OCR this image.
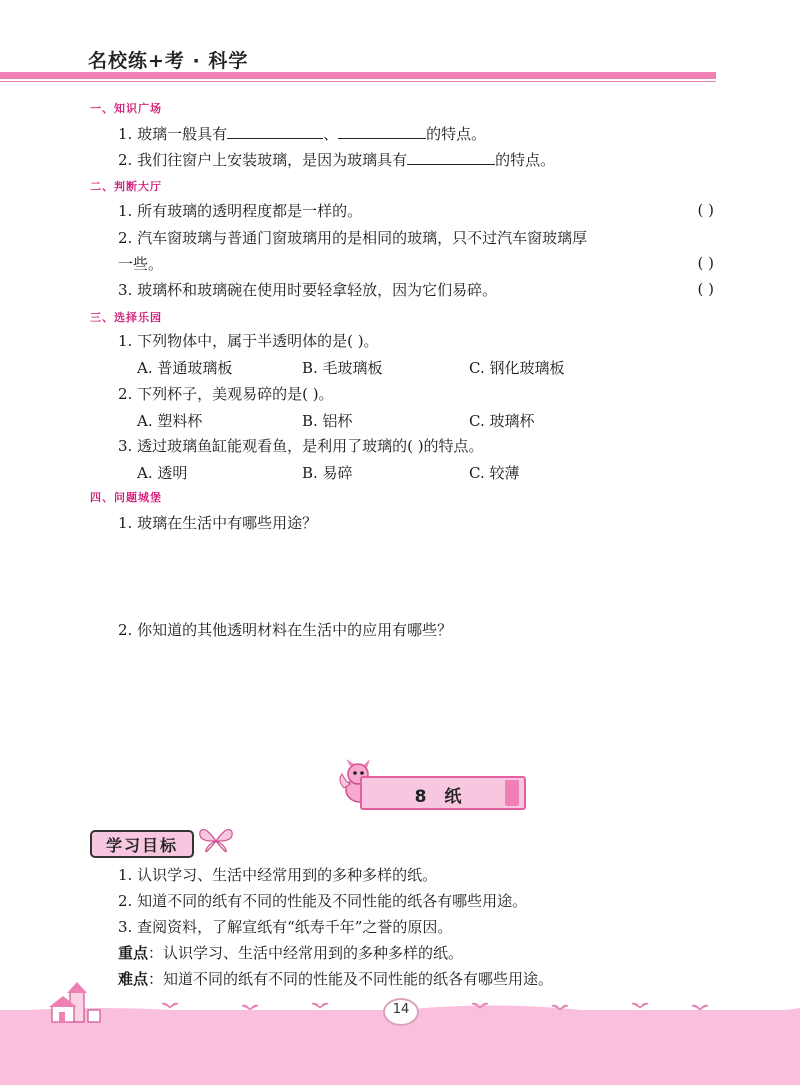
名校练+考 · 科学
一、知识广场
1. 玻璃一般具有	、	的特点。
2. 我们往窗户上安装玻璃，是因为玻璃具有	的特点。
二、判断大厅
1. 所有玻璃的透明程度都是一样的。	( )
2. 汽车窗玻璃与普通门窗玻璃用的是相同的玻璃，只不过汽车窗玻璃厚
一些。	( )
3. 玻璃杯和玻璃碗在使用时要轻拿轻放，因为它们易碎。	( )
三、选择乐园
1. 下列物体中，属于半透明体的是( )。
A. 普通玻璃板	B. 毛玻璃板	C. 钢化玻璃板
2. 下列杯子，美观易碎的是( )。
A. 塑料杯	B. 铝杯	C. 玻璃杯
3. 透过玻璃鱼缸能观看鱼，是利用了玻璃的( )的特点。
A. 透明	B. 易碎	C. 较薄
四、问题城堡
1. 玻璃在生活中有哪些用途？
2. 你知道的其他透明材料在生活中的应用有哪些？
8 纸
学习目标
1. 认识学习、生活中经常用到的多种多样的纸。
2. 知道不同的纸有不同的性能及不同性能的纸各有哪些用途。
3. 查阅资料，了解宣纸有“纸寿千年”之誉的原因。
重点：认识学习、生活中经常用到的多种多样的纸。
难点：知道不同的纸有不同的性能及不同性能的纸各有哪些用途。
14
